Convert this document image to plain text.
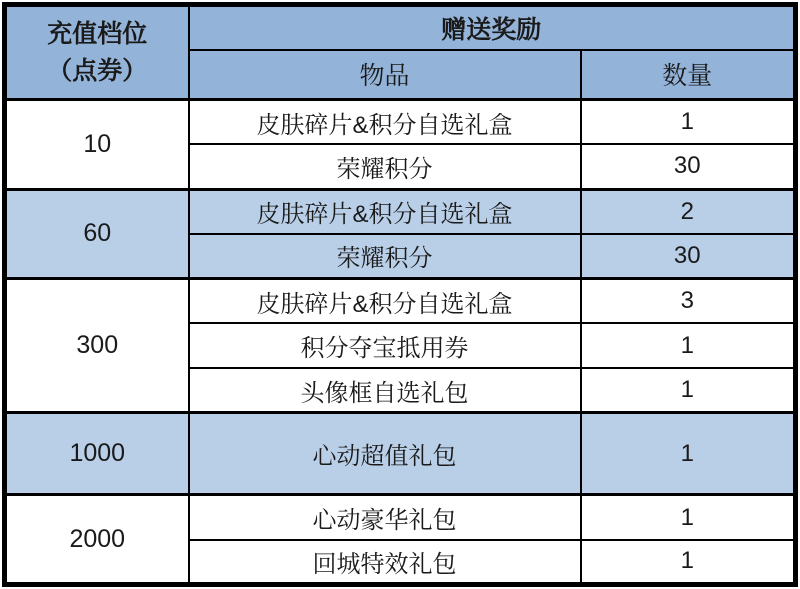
充值档位
（点券）	赠送奖励	
	物品	数量
10	皮肤碎片&积分自选礼盒	1
	荣耀积分	30
60	皮肤碎片&积分自选礼盒	2
	荣耀积分	30
300	皮肤碎片&积分自选礼盒	3
	积分夺宝抵用券	1
	头像框自选礼包	1
1000	心动超值礼包	1
2000	心动豪华礼包	1
	回城特效礼包	1
